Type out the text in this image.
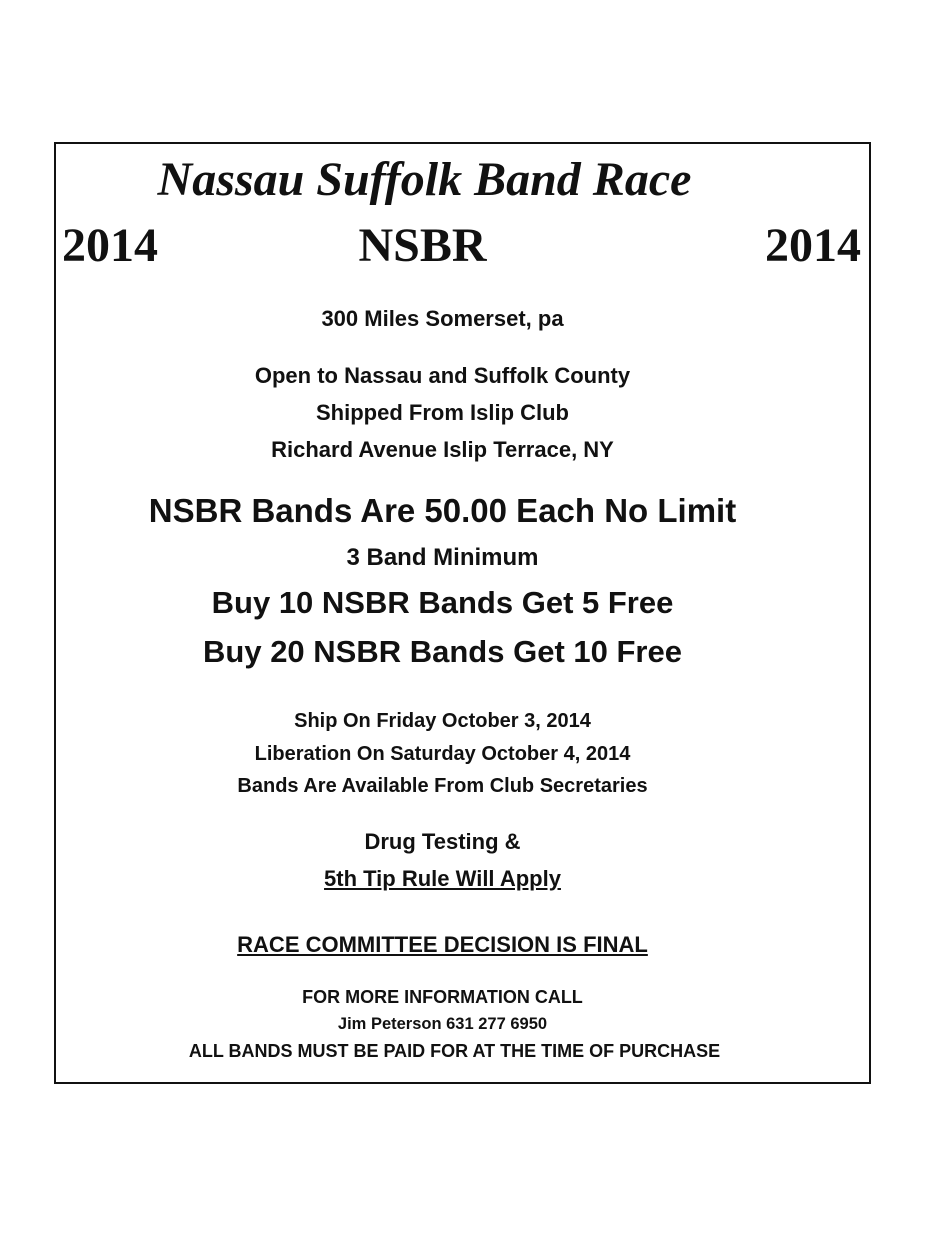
Nassau Suffolk Band Race
2014	NSBR	2014
300 Miles Somerset, pa
Open to Nassau and Suffolk County
Shipped From Islip Club
Richard Avenue Islip Terrace, NY
NSBR Bands Are 50.00 Each No Limit
3 Band Minimum
Buy 10 NSBR Bands Get 5 Free
Buy 20 NSBR Bands Get 10 Free
Ship On Friday October 3, 2014
Liberation On Saturday October 4, 2014
Bands Are Available From Club Secretaries
Drug Testing &
5th Tip Rule Will Apply
RACE COMMITTEE DECISION IS FINAL
FOR MORE INFORMATION CALL
Jim Peterson 631 277 6950
ALL BANDS MUST BE PAID FOR AT THE TIME OF PURCHASE
